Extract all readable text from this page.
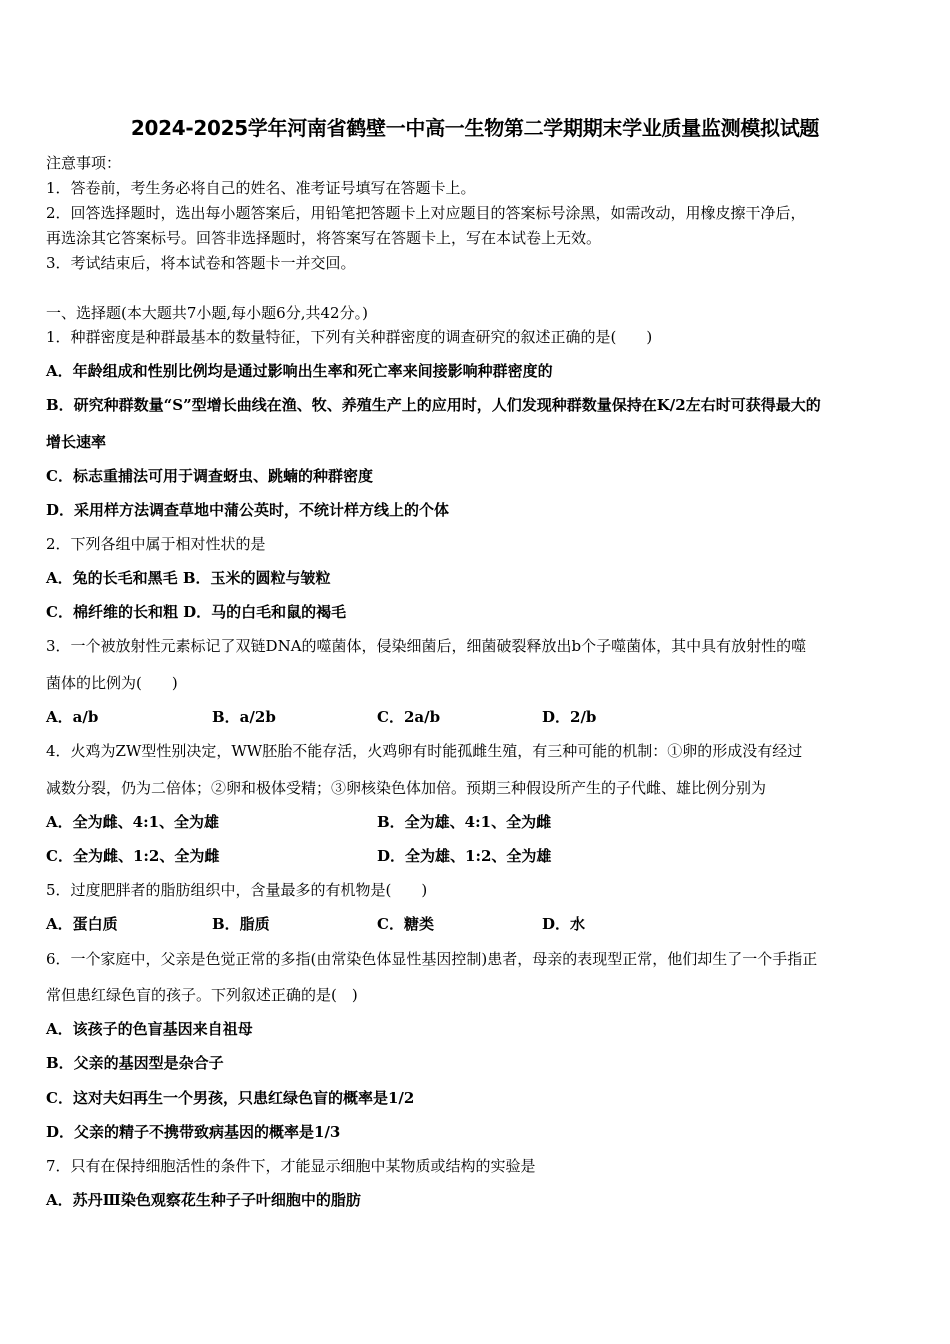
2024-2025学年河南省鹤壁一中高一生物第二学期期末学业质量监测模拟试题
注意事项：
1．答卷前，考生务必将自己的姓名、准考证号填写在答题卡上。
2．回答选择题时，选出每小题答案后，用铅笔把答题卡上对应题目的答案标号涂黑，如需改动，用橡皮擦干净后，
再选涂其它答案标号。回答非选择题时，将答案写在答题卡上，写在本试卷上无效。
3．考试结束后，将本试卷和答题卡一并交回。
一、选择题(本大题共7小题,每小题6分,共42分。)
1．种群密度是种群最基本的数量特征，下列有关种群密度的调查研究的叙述正确的是(　　)
A．年龄组成和性别比例均是通过影响出生率和死亡率来间接影响种群密度的
B．研究种群数量“S”型增长曲线在渔、牧、养殖生产上的应用时，人们发现种群数量保持在K/2左右时可获得最大的
增长速率
C．标志重捕法可用于调查蚜虫、跳蝻的种群密度
D．采用样方法调查草地中蒲公英时，不统计样方线上的个体
2．下列各组中属于相对性状的是
A．兔的长毛和黑毛 B．玉米的圆粒与皱粒
C．棉纤维的长和粗 D．马的白毛和鼠的褐毛
3．一个被放射性元素标记了双链DNA的噬菌体，侵染细菌后，细菌破裂释放出b个子噬菌体，其中具有放射性的噬
菌体的比例为(　　)
A．a/b	B．a/2b	C．2a/b	D．2/b
4．火鸡为ZW型性别决定，WW胚胎不能存活，火鸡卵有时能孤雌生殖，有三种可能的机制：①卵的形成没有经过
减数分裂，仍为二倍体；②卵和极体受精；③卵核染色体加倍。预期三种假设所产生的子代雌、雄比例分别为
A．全为雌、4:1、全为雄	B．全为雄、4:1、全为雌
C．全为雌、1:2、全为雌	D．全为雄、1:2、全为雄
5．过度肥胖者的脂肪组织中，含量最多的有机物是(　　)
A．蛋白质	B．脂质	C．糖类	D．水
6．一个家庭中，父亲是色觉正常的多指(由常染色体显性基因控制)患者，母亲的表现型正常，他们却生了一个手指正
常但患红绿色盲的孩子。下列叙述正确的是(　)
A．该孩子的色盲基因来自祖母
B．父亲的基因型是杂合子
C．这对夫妇再生一个男孩，只患红绿色盲的概率是1/2
D．父亲的精子不携带致病基因的概率是1/3
7．只有在保持细胞活性的条件下，才能显示细胞中某物质或结构的实验是
A．苏丹Ⅲ染色观察花生种子子叶细胞中的脂肪
